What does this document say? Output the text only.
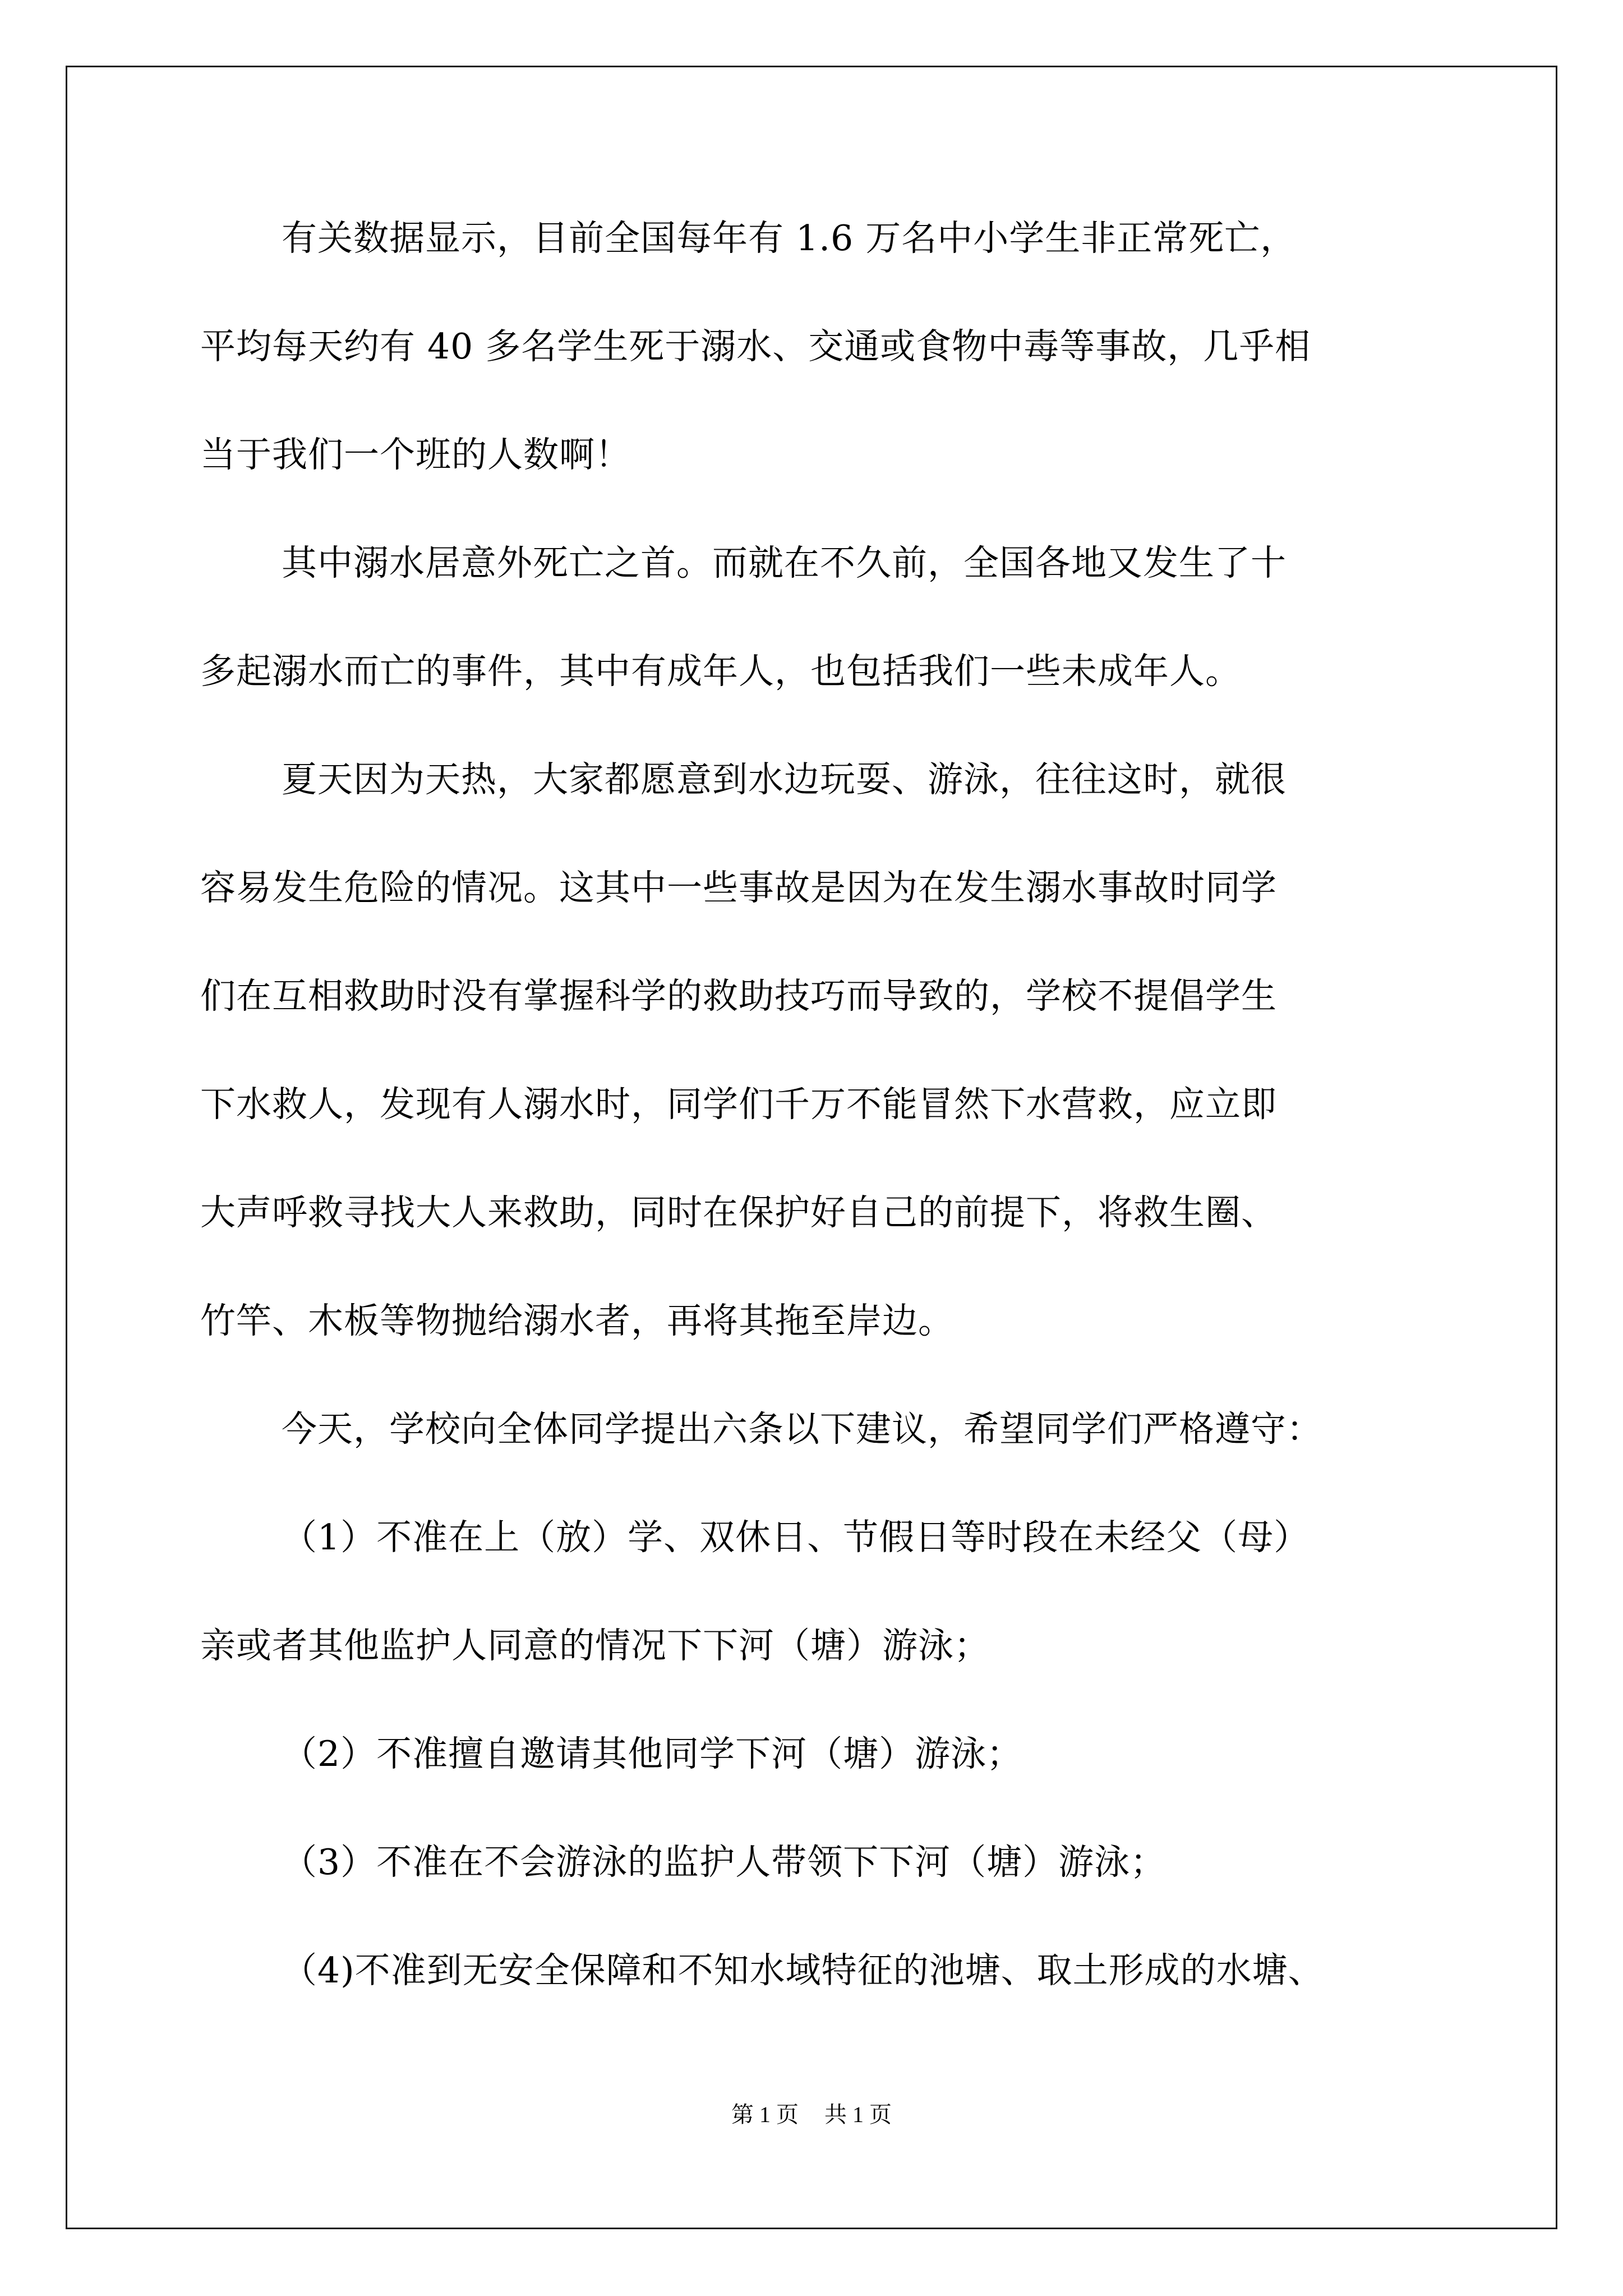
有关数据显示，目前全国每年有 1.6 万名中小学生非正常死亡，
平均每天约有 40 多名学生死于溺水、交通或食物中毒等事故，几乎相
当于我们一个班的人数啊！
其中溺水居意外死亡之首。而就在不久前，全国各地又发生了十
多起溺水而亡的事件，其中有成年人，也包括我们一些未成年人。
夏天因为天热，大家都愿意到水边玩耍、游泳，往往这时，就很
容易发生危险的情况。这其中一些事故是因为在发生溺水事故时同学
们在互相救助时没有掌握科学的救助技巧而导致的，学校不提倡学生
下水救人，发现有人溺水时，同学们千万不能冒然下水营救，应立即
大声呼救寻找大人来救助，同时在保护好自己的前提下，将救生圈、
竹竿、木板等物抛给溺水者，再将其拖至岸边。
今天，学校向全体同学提出六条以下建议，希望同学们严格遵守：
（1）不准在上（放）学、双休日、节假日等时段在未经父（母）
亲或者其他监护人同意的情况下下河（塘）游泳；
（2）不准擅自邀请其他同学下河（塘）游泳；
（3）不准在不会游泳的监护人带领下下河（塘）游泳；
（4)不准到无安全保障和不知水域特征的池塘、取土形成的水塘、
第 1 页 共 1 页
